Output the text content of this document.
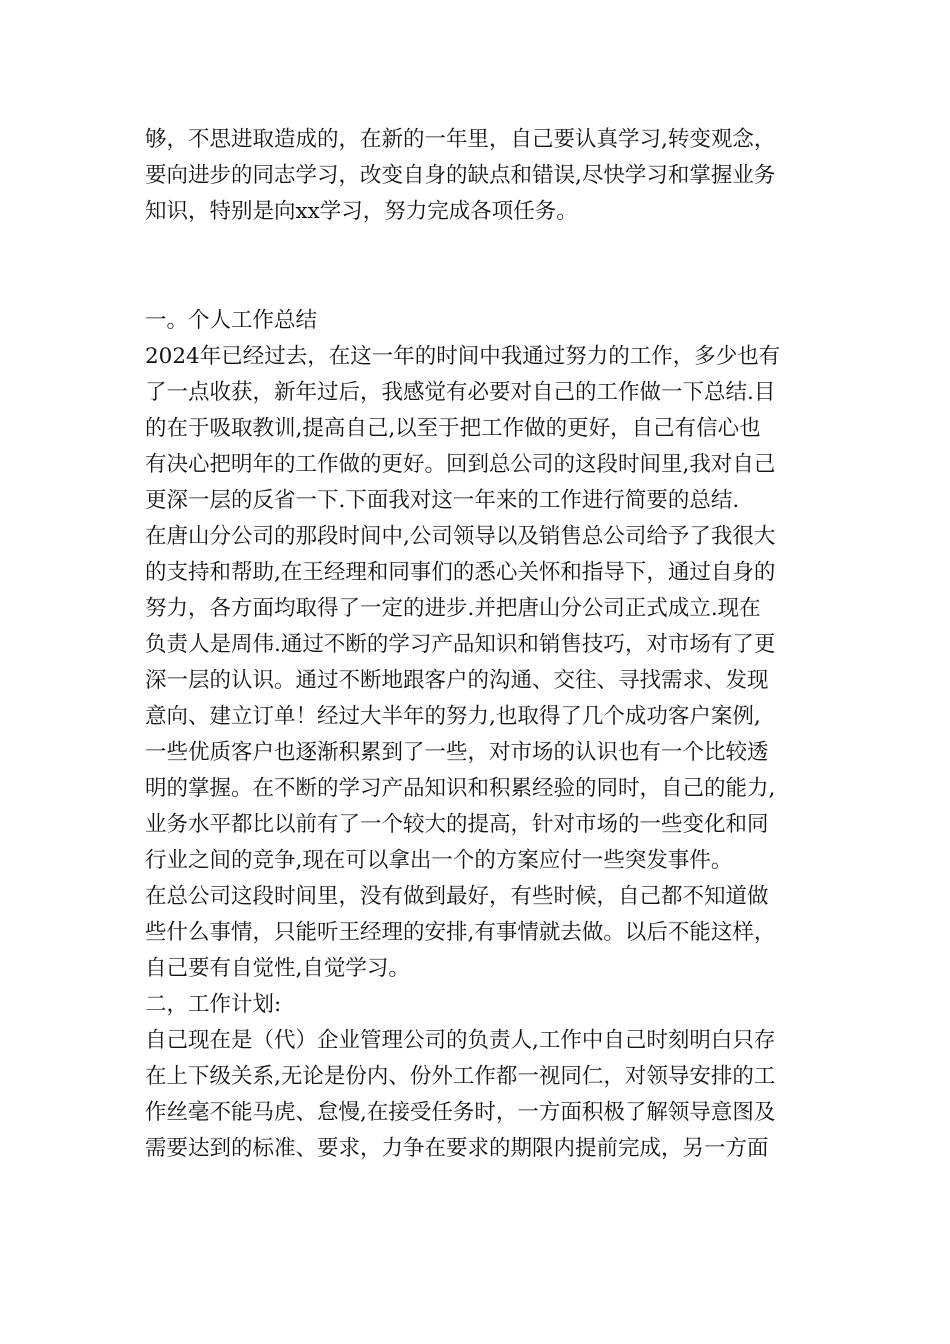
够，不思进取造成的，在新的一年里，自己要认真学习,转变观念，
要向进步的同志学习，改变自身的缺点和错误,尽快学习和掌握业务
知识，特别是向xx学习，努力完成各项任务。
一。个人工作总结
2024年已经过去，在这一年的时间中我通过努力的工作，多少也有
了一点收获，新年过后，我感觉有必要对自己的工作做一下总结.目
的在于吸取教训,提高自己,以至于把工作做的更好，自己有信心也
有决心把明年的工作做的更好。回到总公司的这段时间里,我对自己
更深一层的反省一下.下面我对这一年来的工作进行简要的总结.
在唐山分公司的那段时间中,公司领导以及销售总公司给予了我很大
的支持和帮助,在王经理和同事们的悉心关怀和指导下，通过自身的
努力，各方面均取得了一定的进步.并把唐山分公司正式成立.现在
负责人是周伟.通过不断的学习产品知识和销售技巧，对市场有了更
深一层的认识。通过不断地跟客户的沟通、交往、寻找需求、发现
意向、建立订单！经过大半年的努力,也取得了几个成功客户案例,
一些优质客户也逐渐积累到了一些，对市场的认识也有一个比较透
明的掌握。在不断的学习产品知识和积累经验的同时，自己的能力,
业务水平都比以前有了一个较大的提高，针对市场的一些变化和同
行业之间的竞争,现在可以拿出一个的方案应付一些突发事件。
在总公司这段时间里，没有做到最好，有些时候，自己都不知道做
些什么事情，只能听王经理的安排,有事情就去做。以后不能这样，
自己要有自觉性,自觉学习。
二，工作计划:
自己现在是（代）企业管理公司的负责人,工作中自己时刻明白只存
在上下级关系,无论是份内、份外工作都一视同仁，对领导安排的工
作丝毫不能马虎、怠慢,在接受任务时，一方面积极了解领导意图及
需要达到的标准、要求，力争在要求的期限内提前完成，另一方面
